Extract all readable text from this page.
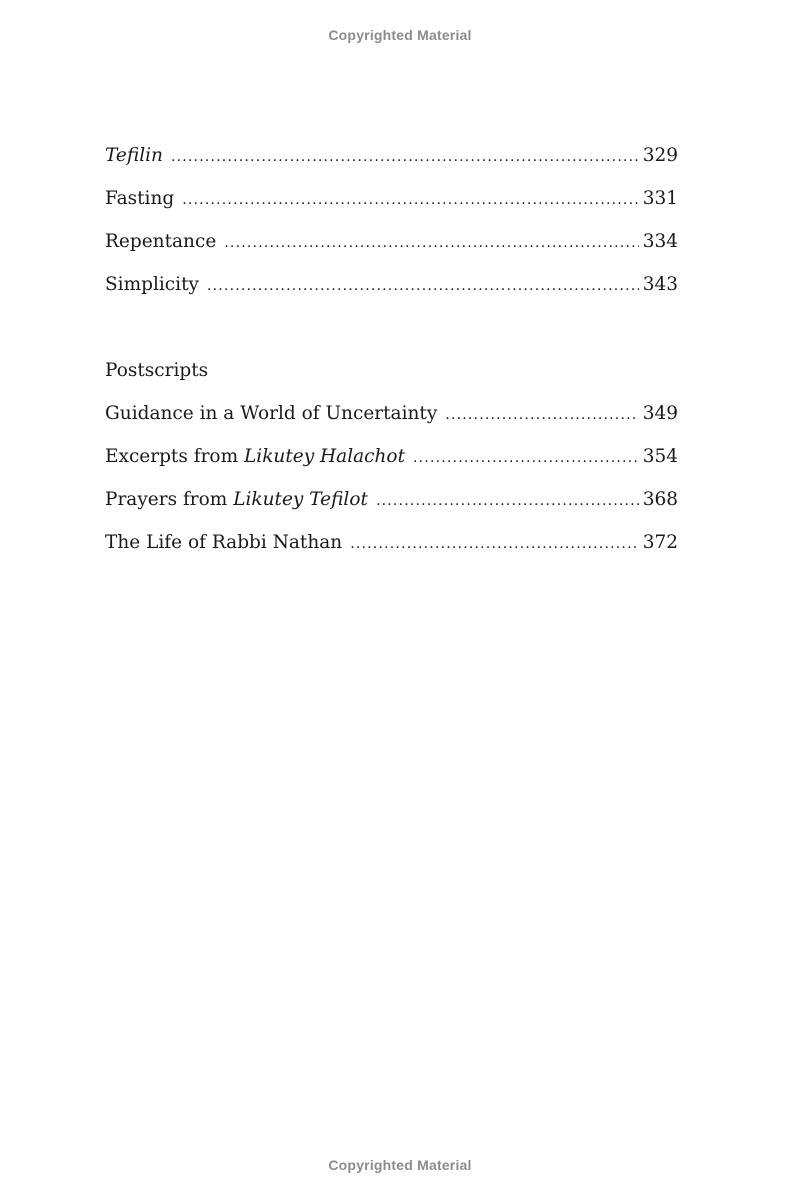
Copyrighted Material
Tefilin .....	329
Fasting .....	331
Repentance .....	334
Simplicity .....	343
Postscripts
Guidance in a World of Uncertainty .....	349
Excerpts from Likutey Halachot .....	354
Prayers from Likutey Tefilot .....	368
The Life of Rabbi Nathan .....	372
Copyrighted Material
